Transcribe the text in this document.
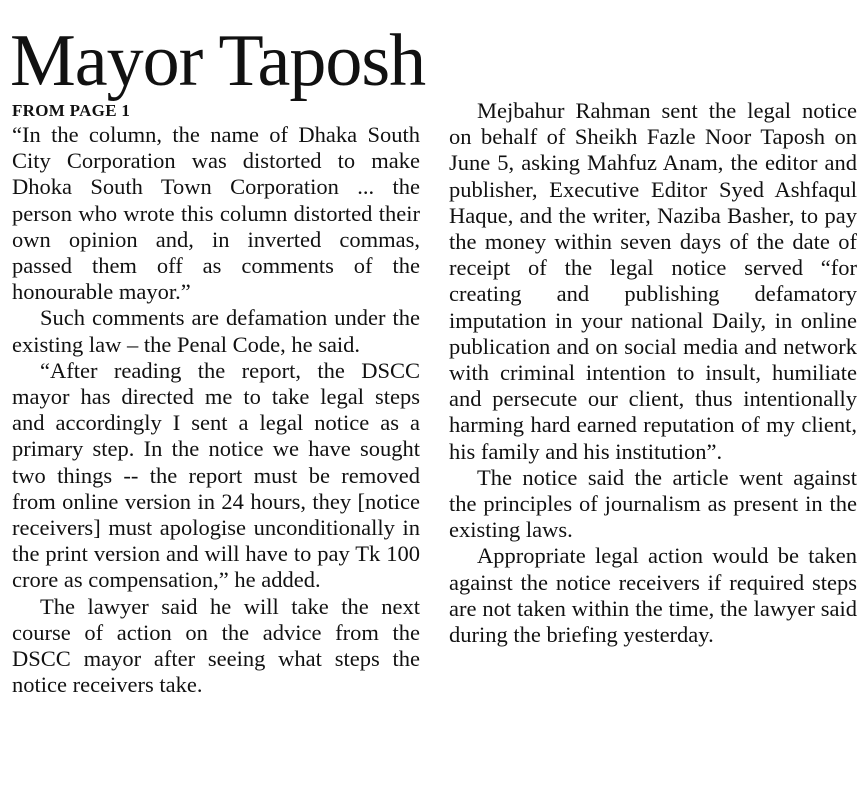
Mayor Taposh
FROM PAGE 1

“In the column, the name of Dhaka South City Corporation was distorted to make Dhoka South Town Corporation ... the person who wrote this column distorted their own opinion and, in inverted commas, passed them off as comments of the honourable mayor.”

Such comments are defamation under the existing law – the Penal Code, he said.

“After reading the report, the DSCC mayor has directed me to take legal steps and accordingly I sent a legal notice as a primary step. In the notice we have sought two things -- the report must be removed from online version in 24 hours, they [notice receivers] must apologise unconditionally in the print version and will have to pay Tk 100 crore as compensation,” he added.

The lawyer said he will take the next course of action on the advice from the DSCC mayor after seeing what steps the notice receivers take.

Mejbahur Rahman sent the legal notice on behalf of Sheikh Fazle Noor Taposh on June 5, asking Mahfuz Anam, the editor and publisher, Executive Editor Syed Ashfaqul Haque, and the writer, Naziba Basher, to pay the money within seven days of the date of receipt of the legal notice served “for creating and publishing defamatory imputation in your national Daily, in online publication and on social media and network with criminal intention to insult, humiliate and persecute our client, thus intentionally harming hard earned reputation of my client, his family and his institution”.

The notice said the article went against the principles of journalism as present in the existing laws.

Appropriate legal action would be taken against the notice receivers if required steps are not taken within the time, the lawyer said during the briefing yesterday.
